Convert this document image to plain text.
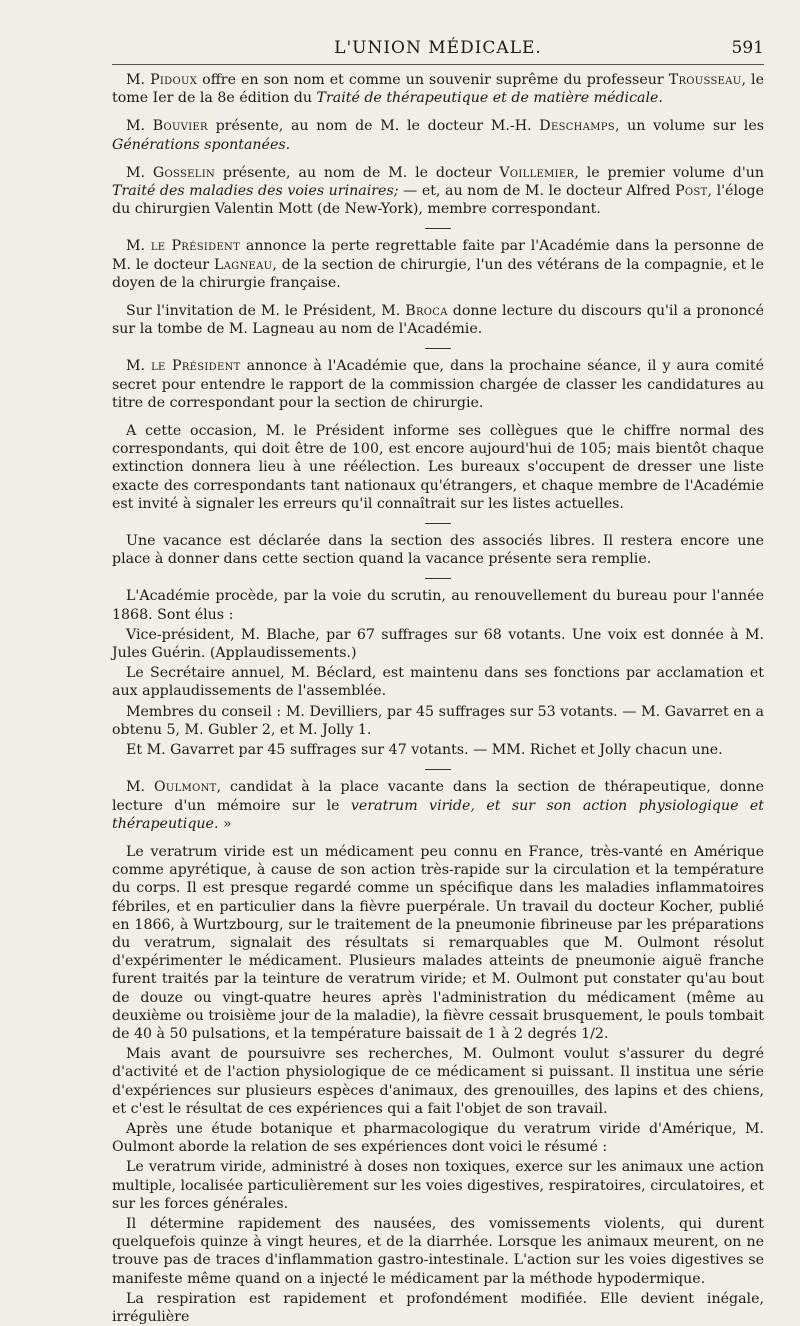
L'UNION MÉDICALE.	591

M. Pidoux offre en son nom et comme un souvenir suprême du professeur Trousseau, le tome Ier de la 8e édition du Traité de thérapeutique et de matière médicale.

M. Bouvier présente, au nom de M. le docteur M.-H. Deschamps, un volume sur les Générations spontanées.

M. Gosselin présente, au nom de M. le docteur Voillemier, le premier volume d'un Traité des maladies des voies urinaires; — et, au nom de M. le docteur Alfred Post, l'éloge du chirurgien Valentin Mott (de New-York), membre correspondant.

M. le Président annonce la perte regrettable faite par l'Académie dans la personne de M. le docteur Lagneau, de la section de chirurgie, l'un des vétérans de la compagnie, et le doyen de la chirurgie française.

Sur l'invitation de M. le Président, M. Broca donne lecture du discours qu'il a prononcé sur la tombe de M. Lagneau au nom de l'Académie.

M. le Président annonce à l'Académie que, dans la prochaine séance, il y aura comité secret pour entendre le rapport de la commission chargée de classer les candidatures au titre de correspondant pour la section de chirurgie.

A cette occasion, M. le Président informe ses collègues que le chiffre normal des correspondants, qui doit être de 100, est encore aujourd'hui de 105; mais bientôt chaque extinction donnera lieu à une réélection. Les bureaux s'occupent de dresser une liste exacte des correspondants tant nationaux qu'étrangers, et chaque membre de l'Académie est invité à signaler les erreurs qu'il connaîtrait sur les listes actuelles.

Une vacance est déclarée dans la section des associés libres. Il restera encore une place à donner dans cette section quand la vacance présente sera remplie.

L'Académie procède, par la voie du scrutin, au renouvellement du bureau pour l'année 1868. Sont élus :

Vice-président, M. Blache, par 67 suffrages sur 68 votants. Une voix est donnée à M. Jules Guérin. (Applaudissements.)

Le Secrétaire annuel, M. Béclard, est maintenu dans ses fonctions par acclamation et aux applaudissements de l'assemblée.

Membres du conseil : M. Devilliers, par 45 suffrages sur 53 votants. — M. Gavarret en a obtenu 5, M. Gubler 2, et M. Jolly 1.

Et M. Gavarret par 45 suffrages sur 47 votants. — MM. Richet et Jolly chacun une.

M. Oulmont, candidat à la place vacante dans la section de thérapeutique, donne lecture d'un mémoire sur le veratrum viride, et sur son action physiologique et thérapeutique. »

Le veratrum viride est un médicament peu connu en France, très-vanté en Amérique comme apyrétique, à cause de son action très-rapide sur la circulation et la température du corps. Il est presque regardé comme un spécifique dans les maladies inflammatoires fébriles, et en particulier dans la fièvre puerpérale. Un travail du docteur Kocher, publié en 1866, à Wurtzbourg, sur le traitement de la pneumonie fibrineuse par les préparations du veratrum, signalait des résultats si remarquables que M. Oulmont résolut d'expérimenter le médicament. Plusieurs malades atteints de pneumonie aiguë franche furent traités par la teinture de veratrum viride; et M. Oulmont put constater qu'au bout de douze ou vingt-quatre heures après l'administration du médicament (même au deuxième ou troisième jour de la maladie), la fièvre cessait brusquement, le pouls tombait de 40 à 50 pulsations, et la température baissait de 1 à 2 degrés 1/2.

Mais avant de poursuivre ses recherches, M. Oulmont voulut s'assurer du degré d'activité et de l'action physiologique de ce médicament si puissant. Il institua une série d'expériences sur plusieurs espèces d'animaux, des grenouilles, des lapins et des chiens, et c'est le résultat de ces expériences qui a fait l'objet de son travail.

Après une étude botanique et pharmacologique du veratrum viride d'Amérique, M. Oulmont aborde la relation de ses expériences dont voici le résumé :

Le veratrum viride, administré à doses non toxiques, exerce sur les animaux une action multiple, localisée particulièrement sur les voies digestives, respiratoires, circulatoires, et sur les forces générales.

Il détermine rapidement des nausées, des vomissements violents, qui durent quelquefois quinze à vingt heures, et de la diarrhée. Lorsque les animaux meurent, on ne trouve pas de traces d'inflammation gastro-intestinale. L'action sur les voies digestives se manifeste même quand on a injecté le médicament par la méthode hypodermique.

La respiration est rapidement et profondément modifiée. Elle devient inégale, irrégulière
